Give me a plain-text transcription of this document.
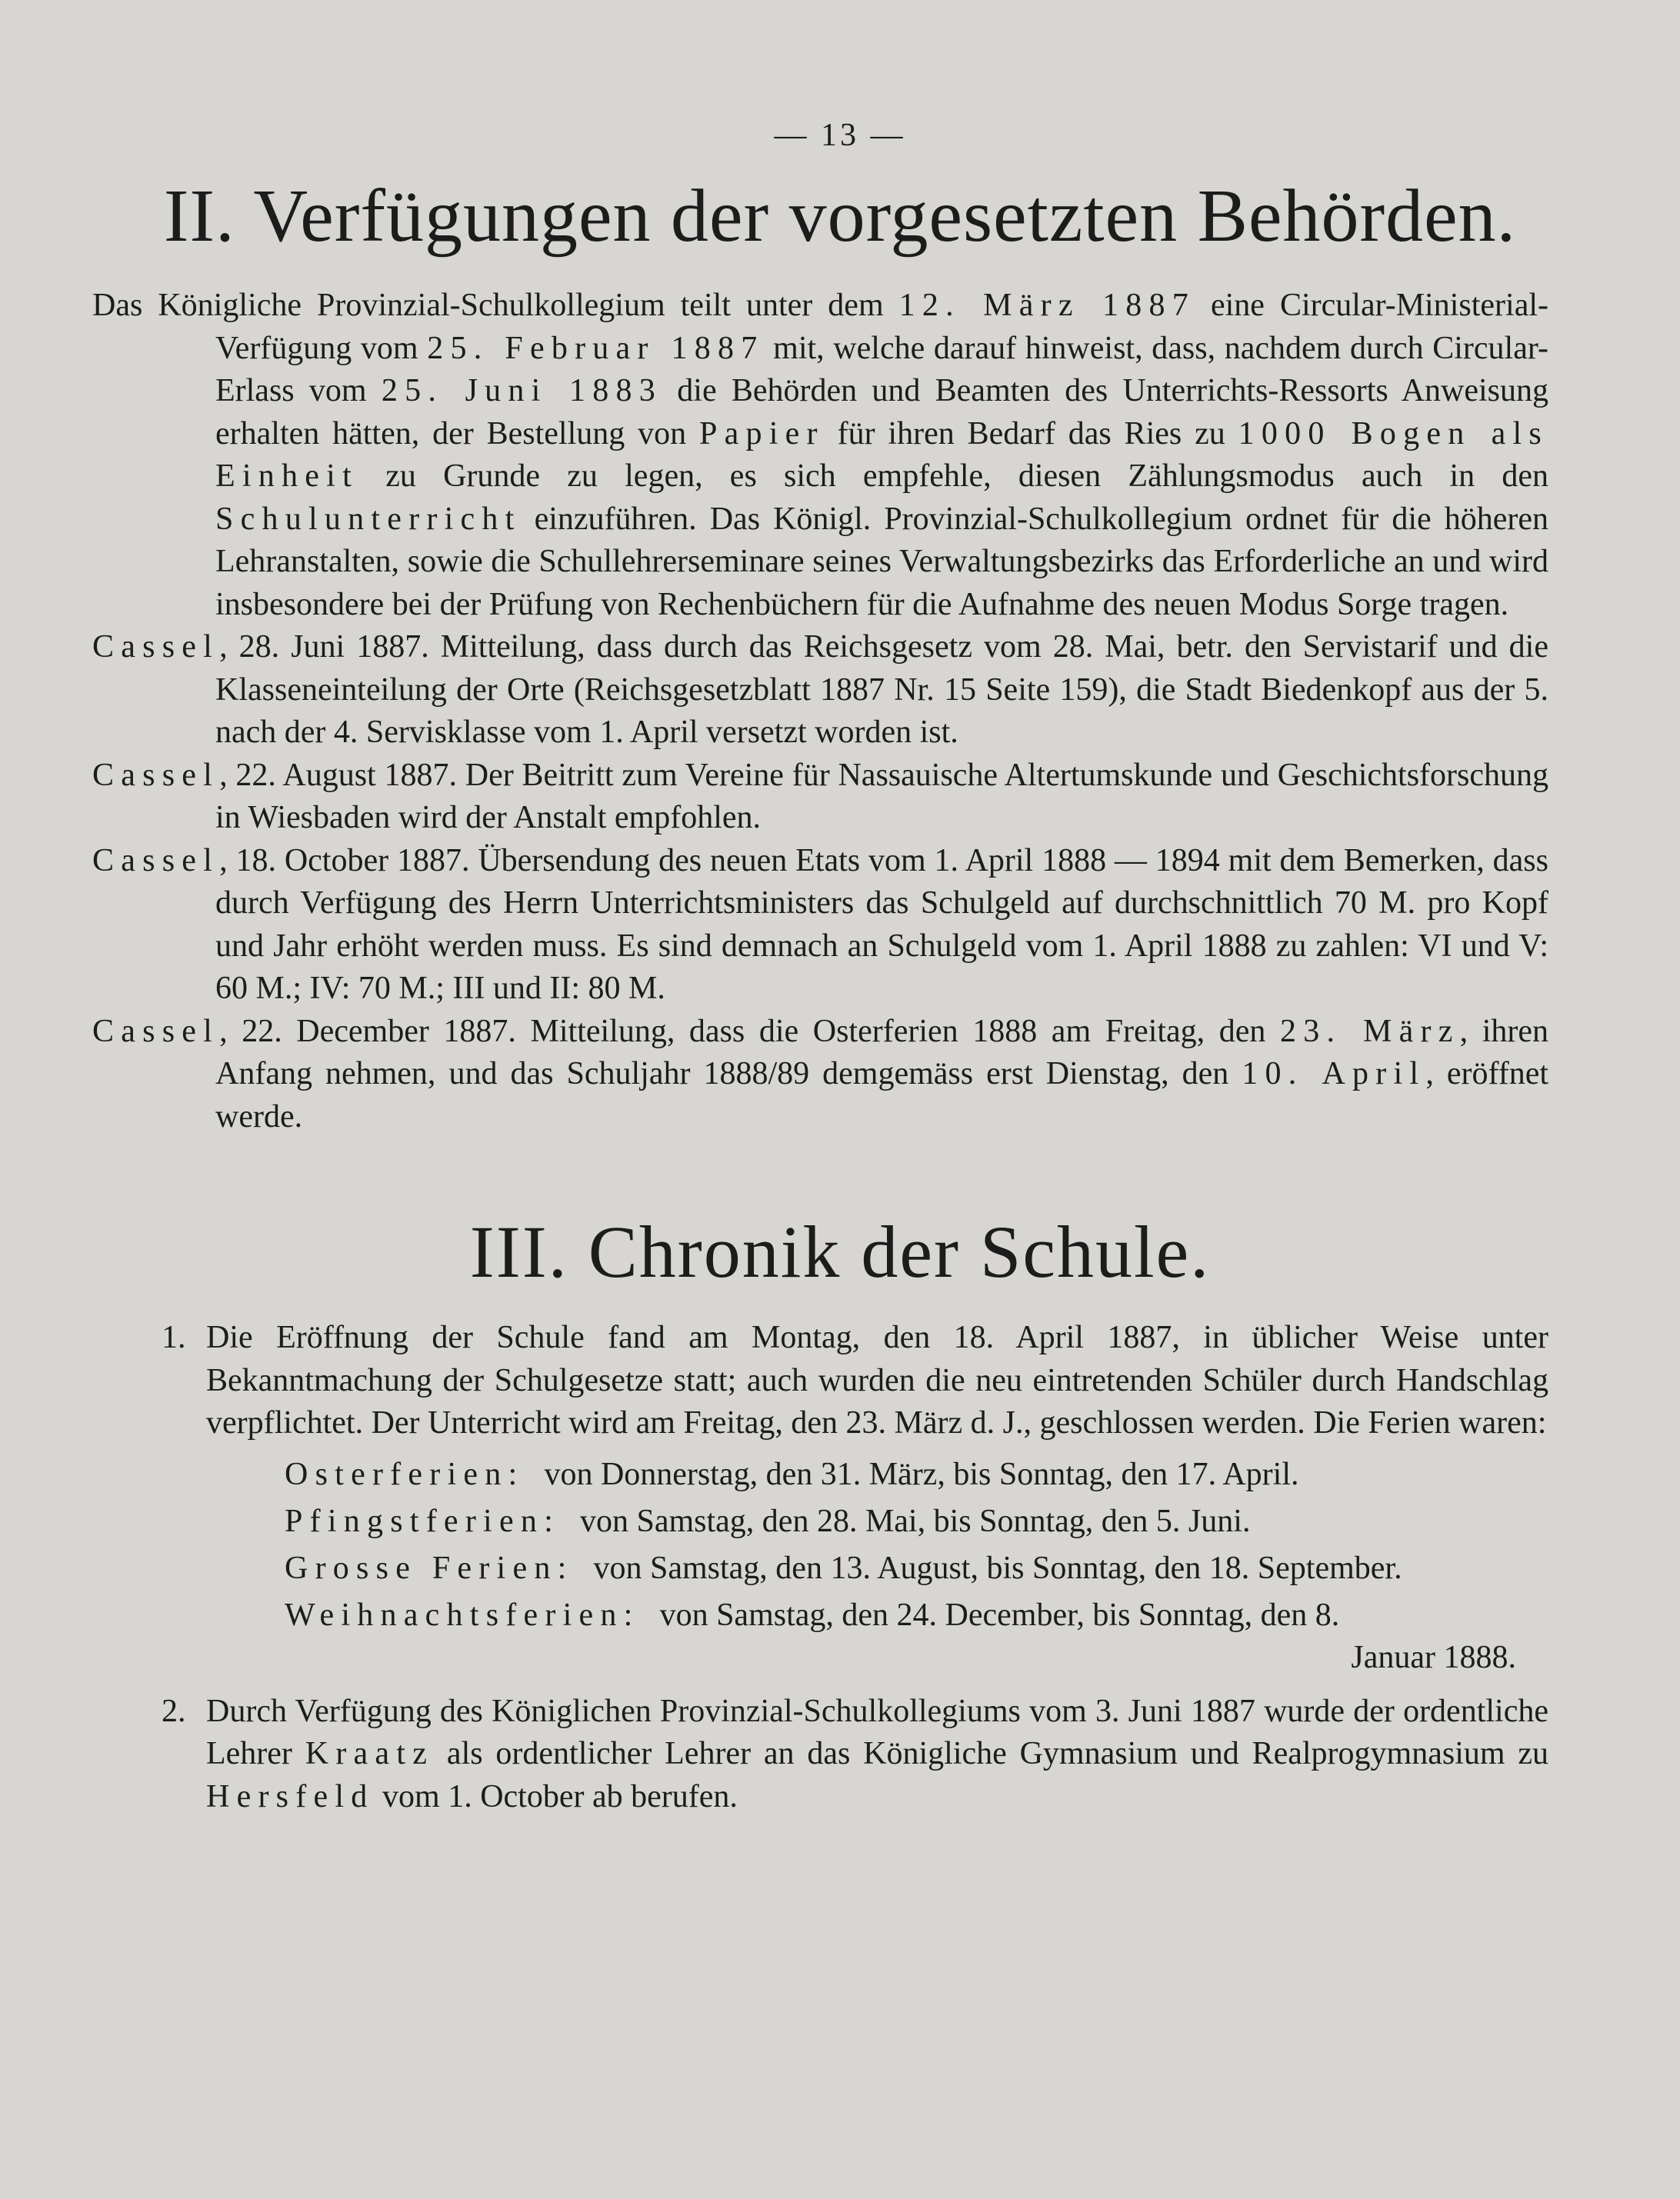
— 13 —
II. Verfügungen der vorgesetzten Behörden.

Das Königliche Provinzial-Schulkollegium teilt unter dem 12. März 1887 eine Circular-Ministerial-Verfügung vom 25. Februar 1887 mit, welche darauf hinweist, dass, nachdem durch Circular-Erlass vom 25. Juni 1883 die Behörden und Beamten des Unterrichts-Ressorts Anweisung erhalten hätten, der Bestellung von Papier für ihren Bedarf das Ries zu 1000 Bogen als Einheit zu Grunde zu legen, es sich empfehle, diesen Zählungsmodus auch in den Schulunterricht einzuführen. Das Königl. Provinzial-Schulkollegium ordnet für die höheren Lehranstalten, sowie die Schullehrerseminare seines Verwaltungsbezirks das Erforderliche an und wird insbesondere bei der Prüfung von Rechenbüchern für die Aufnahme des neuen Modus Sorge tragen.

Cassel, 28. Juni 1887. Mitteilung, dass durch das Reichsgesetz vom 28. Mai, betr. den Servistarif und die Klasseneinteilung der Orte (Reichsgesetzblatt 1887 Nr. 15 Seite 159), die Stadt Biedenkopf aus der 5. nach der 4. Servisklasse vom 1. April versetzt worden ist.

Cassel, 22. August 1887. Der Beitritt zum Vereine für Nassauische Altertumskunde und Geschichtsforschung in Wiesbaden wird der Anstalt empfohlen.

Cassel, 18. October 1887. Übersendung des neuen Etats vom 1. April 1888 — 1894 mit dem Bemerken, dass durch Verfügung des Herrn Unterrichtsministers das Schulgeld auf durchschnittlich 70 M. pro Kopf und Jahr erhöht werden muss. Es sind demnach an Schulgeld vom 1. April 1888 zu zahlen: VI und V: 60 M.; IV: 70 M.; III und II: 80 M.

Cassel, 22. December 1887. Mitteilung, dass die Osterferien 1888 am Freitag, den 23. März, ihren Anfang nehmen, und das Schuljahr 1888/89 demgemäss erst Dienstag, den 10. April, eröffnet werde.

III. Chronik der Schule.

1. Die Eröffnung der Schule fand am Montag, den 18. April 1887, in üblicher Weise unter Bekanntmachung der Schulgesetze statt; auch wurden die neu eintretenden Schüler durch Handschlag verpflichtet. Der Unterricht wird am Freitag, den 23. März d. J., geschlossen werden. Die Ferien waren:

Osterferien: von Donnerstag, den 31. März, bis Sonntag, den 17. April.

Pfingstferien: von Samstag, den 28. Mai, bis Sonntag, den 5. Juni.

Grosse Ferien: von Samstag, den 13. August, bis Sonntag, den 18. September.

Weihnachtsferien: von Samstag, den 24. December, bis Sonntag, den 8.
Januar 1888.

2. Durch Verfügung des Königlichen Provinzial-Schulkollegiums vom 3. Juni 1887 wurde der ordentliche Lehrer Kraatz als ordentlicher Lehrer an das Königliche Gymnasium und Realprogymnasium zu Hersfeld vom 1. October ab berufen.
